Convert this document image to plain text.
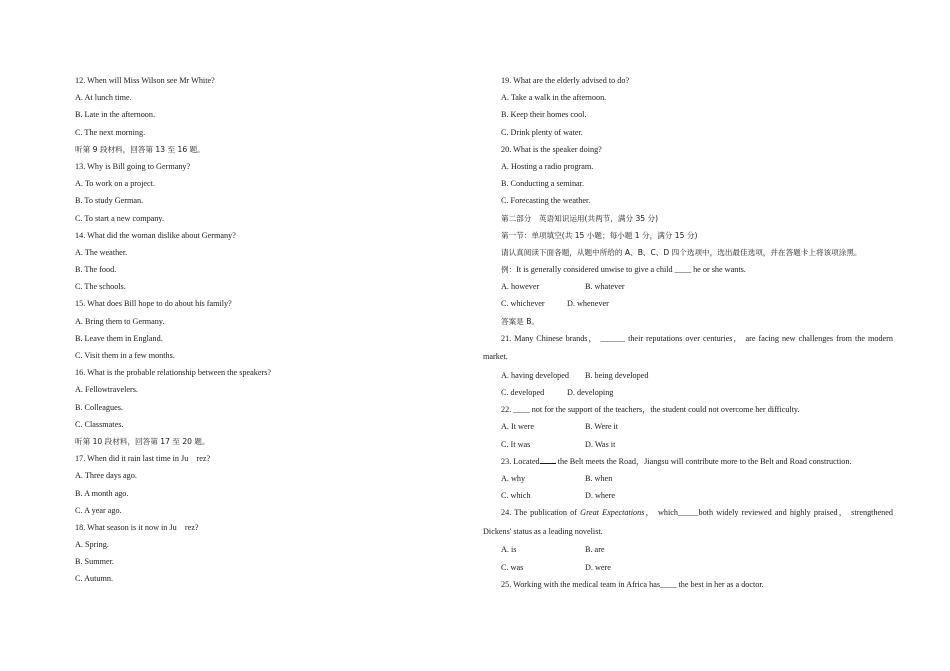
12. When will Miss Wilson see Mr White?
A. At lunch time.
B. Late in the afternoon.
C. The next morning.
听第 9 段材料，回答第 13 至 16 题。
13. Why is Bill going to Germany?
A. To work on a project.
B. To study German.
C. To start a new company.
14. What did the woman dislike about Germany?
A. The weather.
B. The food.
C. The schools.
15. What does Bill hope to do about his family?
A. Bring them to Germany.
B. Leave them in England.
C. Visit them in a few months.
16. What is the probable relationship between the speakers?
A. Fellowtravelers.
B. Colleagues.
C. Classmates.
听第 10 段材料，回答第 17 至 20 题。
17. When did it rain last time in Ju    rez?
A. Three days ago.
B. A month ago.
C. A year ago.
18. What season is it now in Ju    rez?
A. Spring.
B. Summer.
C. Autumn.
19. What are the elderly advised to do?
A. Take a walk in the afternoon.
B. Keep their homes cool.
C. Drink plenty of water.
20. What is the speaker doing?
A. Hosting a radio program.
B. Conducting a seminar.
C. Forecasting the weather.
第二部分　英语知识运用(共两节，满分 35 分)
第一节：单项填空(共 15 小题；每小题 1 分，满分 15 分)
请认真阅读下面各题，从题中所给的 A、B、C、D 四个选项中，选出最佳选项，并在答题卡上将该项涂黑。
例：It is generally considered unwise to give a child ____ he or she wants.
A. however	B. whatever
C. whichever	D. whenever
答案是 B。
21. Many Chinese brands， ______ their reputations over centuries， are facing new challenges from the modern market.
A. having developed B. being developed
C. developed	D. developing
22. ____ not for the support of the teachers，the student could not overcome her difficulty.
A. It were	B. Were it
C. It was	D. Was it
23. Located the Belt meets the Road，Jiangsu will contribute more to the Belt and Road construction.
A. why	B. when
C. which	D. where
24. The publication of Great Expectations， which_____both widely reviewed and highly praised， strengthened Dickens' status as a leading novelist.
A. is	B. are
C. was	D. were
25. Working with the medical team in Africa has____ the best in her as a doctor.
